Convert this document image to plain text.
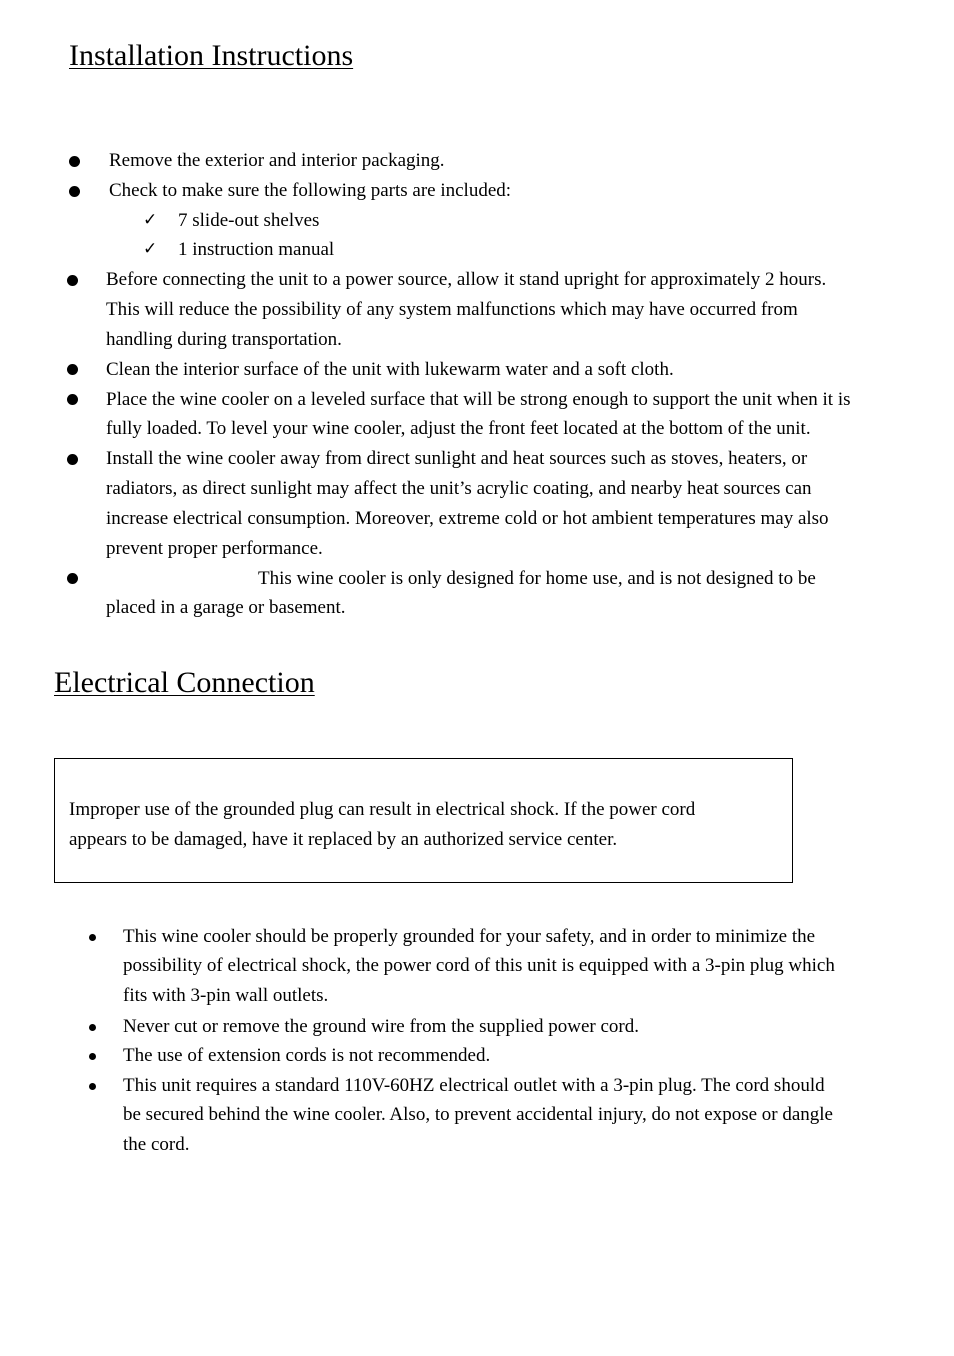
Installation Instructions
Remove the exterior and interior packaging.
Check to make sure the following parts are included:
✓ 7 slide-out shelves
✓ 1 instruction manual
Before connecting the unit to a power source, allow it stand upright for approximately 2 hours.
This will reduce the possibility of any system malfunctions which may have occurred from
handling during transportation.
Clean the interior surface of the unit with lukewarm water and a soft cloth.
Place the wine cooler on a leveled surface that will be strong enough to support the unit when it is
fully loaded. To level your wine cooler, adjust the front feet located at the bottom of the unit.
Install the wine cooler away from direct sunlight and heat sources such as stoves, heaters, or
radiators, as direct sunlight may affect the unit’s acrylic coating, and nearby heat sources can
increase electrical consumption. Moreover, extreme cold or hot ambient temperatures may also
prevent proper performance.
This wine cooler is only designed for home use, and is not designed to be
placed in a garage or basement.
Electrical Connection
Improper use of the grounded plug can result in electrical shock. If the power cord
appears to be damaged, have it replaced by an authorized service center.
This wine cooler should be properly grounded for your safety, and in order to minimize the
possibility of electrical shock, the power cord of this unit is equipped with a 3-pin plug which
fits with 3-pin wall outlets.
Never cut or remove the ground wire from the supplied power cord.
The use of extension cords is not recommended.
This unit requires a standard 110V-60HZ electrical outlet with a 3-pin plug. The cord should
be secured behind the wine cooler. Also, to prevent accidental injury, do not expose or dangle
the cord.
